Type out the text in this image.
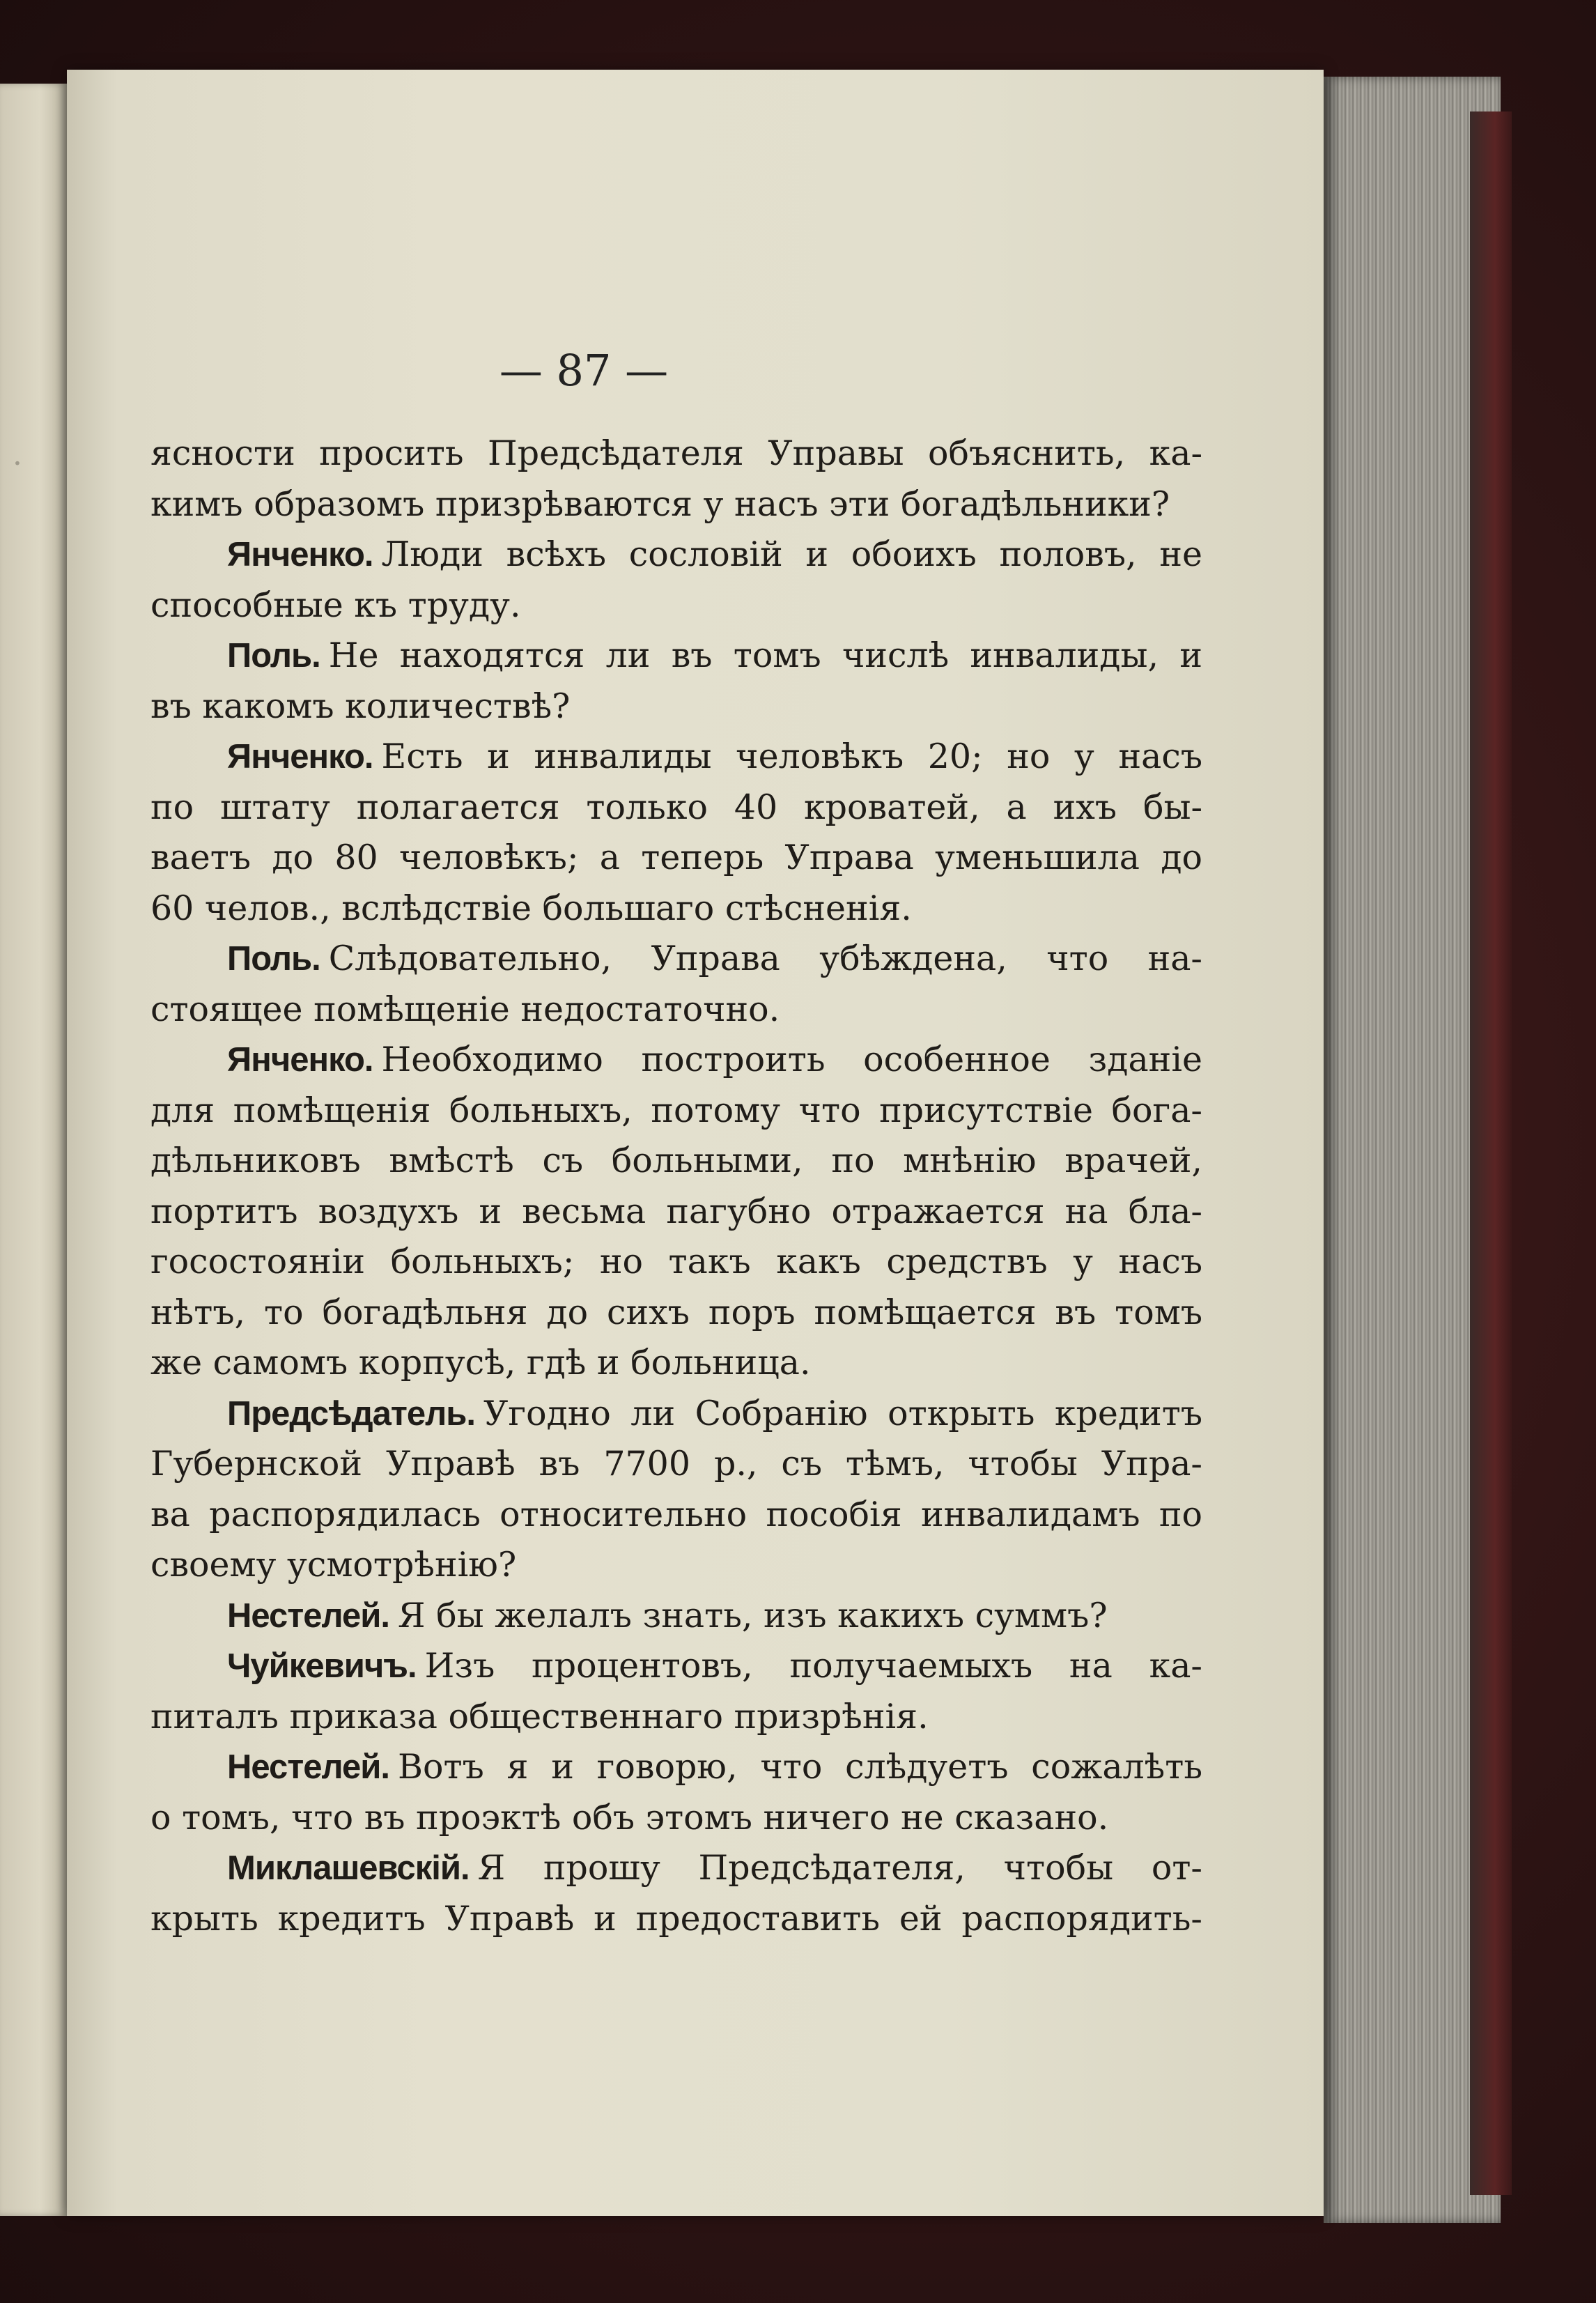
·
— 87 —
ясности просить Предсѣдателя Управы объяснить, ка-
кимъ образомъ призрѣваются у насъ эти богадѣльники?
Янченко. Люди всѣхъ сословій и обоихъ половъ, не
способные къ труду.
Поль. Не находятся ли въ томъ числѣ инвалиды, и
въ какомъ количествѣ?
Янченко. Есть и инвалиды человѣкъ 20; но у насъ
по штату полагается только 40 кроватей, а ихъ бы-
ваетъ до 80 человѣкъ; а теперь Управа уменьшила до
60 челов., вслѣдствіе большаго стѣсненія.
Поль. Слѣдовательно, Управа убѣждена, что на-
стоящее помѣщеніе недостаточно.
Янченко. Необходимо построить особенное зданіе
для помѣщенія больныхъ, потому что присутствіе бога-
дѣльниковъ вмѣстѣ съ больными, по мнѣнію врачей,
портитъ воздухъ и весьма пагубно отражается на бла-
госостояніи больныхъ; но такъ какъ средствъ у насъ
нѣтъ, то богадѣльня до сихъ поръ помѣщается въ томъ
же самомъ корпусѣ, гдѣ и больница.
Предсѣдатель. Угодно ли Собранію открыть кредитъ
Губернской Управѣ въ 7700 р., съ тѣмъ, чтобы Упра-
ва распорядилась относительно пособія инвалидамъ по
своему усмотрѣнію?
Нестелей. Я бы желалъ знать, изъ какихъ суммъ?
Чуйкевичъ. Изъ процентовъ, получаемыхъ на ка-
питалъ приказа общественнаго призрѣнія.
Нестелей. Вотъ я и говорю, что слѣдуетъ сожалѣть
о томъ, что въ проэктѣ объ этомъ ничего не сказано.
Миклашевскій. Я прошу Предсѣдателя, чтобы от-
крыть кредитъ Управѣ и предоставить ей распорядить-
